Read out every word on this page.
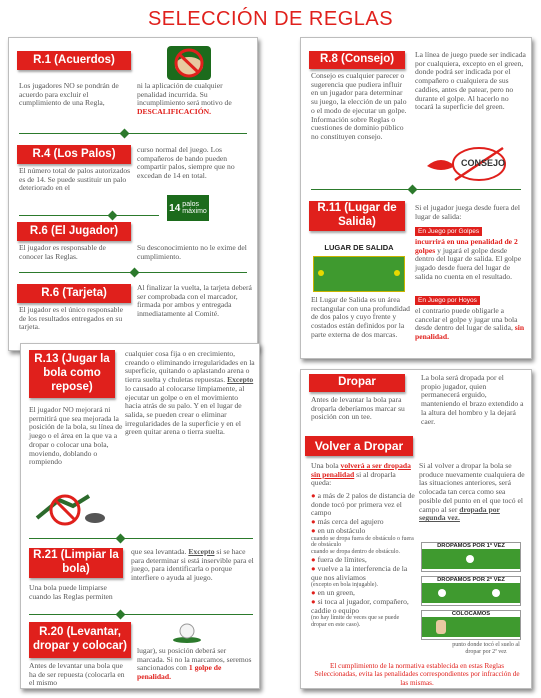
SELECCIÓN DE REGLAS
R.1 (Acuerdos)
Los jugadores NO se pondrán de acuerdo para excluir el cumplimiento de una Regla,
ni la aplicación de cualquier penalidad incurrida. Su incumplimiento será motivo de DESCALIFICACIÓN.
R.4 (Los Palos)
El número total de palos autorizados es de 14. Se puede sustituir un palo deteriorado en el
curso normal del juego. Los compañeros de bando pueden compartir palos, siempre que no excedan de 14 en total.
14 palos
máximo
R.6 (El Jugador)
El jugador es responsable de conocer las Reglas.
Su desconocimiento no le exime del cumplimiento.
R.6 (Tarjeta)
El jugador es el único responsable de los resultados entregados en su tarjeta.
Al finalizar la vuelta, la tarjeta deberá ser comprobada con el marcador, firmada por ambos y entregada inmediatamente al Comité.
R.8 (Consejo)
Consejo es cualquier parecer o sugerencia que pudiera influir en un jugador para determinar su juego, la elección de un palo o el modo de ejecutar un golpe. Información sobre Reglas o cuestiones de dominio público no constituyen consejo.
La línea de juego puede ser indicada por cualquiera, excepto en el green, donde podrá ser indicada por el compañero o cualquiera de sus caddies, antes de patear, pero no durante el golpe. Al hacerlo no tocará la superficie del green.
CONSEJO
R.11 (Lugar de Salida)
LUGAR DE SALIDA
El Lugar de Salida es un área rectangular con una profundidad de dos palos y cuyo frente y costados están definidos por la parte externa de dos marcas.
Si el jugador juega desde fuera del lugar de salida:
En Juego por Golpes
incurrirá en una penalidad de 2 golpes y jugará el golpe desde dentro del lugar de salida. El golpe jugado desde fuera del lugar de salida no cuenta en el resultado.
En Juego por Hoyos
el contrario puede obligarle a cancelar el golpe y jugar una bola desde dentro del lugar de salida, sin penalidad.
R.13 (Jugar la bola como repose)
El jugador NO mejorará ni permitirá que sea mejorada la posición de la bola, su línea de juego o el área en la que va a dropar o colocar una bola, moviendo, doblando o rompiendo
cualquier cosa fija o en crecimiento, creando o eliminando irregularidades en la superficie, quitando o aplastando arena o tierra suelta y chuletas repuestas. Excepto lo causado al colocarse limpiamente, al ejecutar un golpe o en el movimiento hacia atrás de su palo. Y en el lugar de salida, se pueden crear o eliminar irregularidades de la superficie y en el green quitar arena o tierra suelta.
R.21 (Limpiar la bola)
Una bola puede limpiarse cuando las Reglas permiten
que sea levantada. Excepto si se hace para determinar si está inservible para el juego, para identificarla o porque interfiere o ayuda al juego.
R.20 (Levantar, dropar y colocar)
Antes de levantar una bola que ha de ser repuesta (colocarla en el mismo
lugar), su posición deberá ser marcada. Si no la marcamos, seremos sancionados con 1 golpe de penalidad.
Dropar
Antes de levantar la bola para droparla deberíamos marcar su posición con un tee.
La bola será dropada por el propio jugador, quien permanecerá erguido, manteniendo el brazo extendido a la altura del hombro y la dejará caer.
Volver a Dropar
Una bola volverá a ser dropada sin penalidad si al droparla queda:
● a más de 2 palos de distancia de donde tocó por primera vez el campo
● más cerca del agujero
● en un obstáculo
cuando se dropa fuera de obstáculo o fuera de obstáculo
cuando se dropa dentro de obstáculo.
● fuera de límites,
● vuelve a la interferencia de la que nos aliviamos
(excepto en bola injugable).
● en un green,
● si toca al jugador, compañero, caddie o equipo
(no hay límite de veces que se puede dropar en este caso).
Si al volver a dropar la bola se produce nuevamente cualquiera de las situaciones anteriores, será colocada tan cerca como sea posible del punto en el que tocó el campo al ser dropada por segunda vez.
DROPAMOS POR 1ª VEZ
DROPAMOS POR 2ª VEZ
COLOCAMOS
punto donde tocó el suelo al dropar por 2ª vez
El cumplimiento de la normativa establecida en estas Reglas Seleccionadas, evita las penalidades correspondientes por infracción de las mismas.
